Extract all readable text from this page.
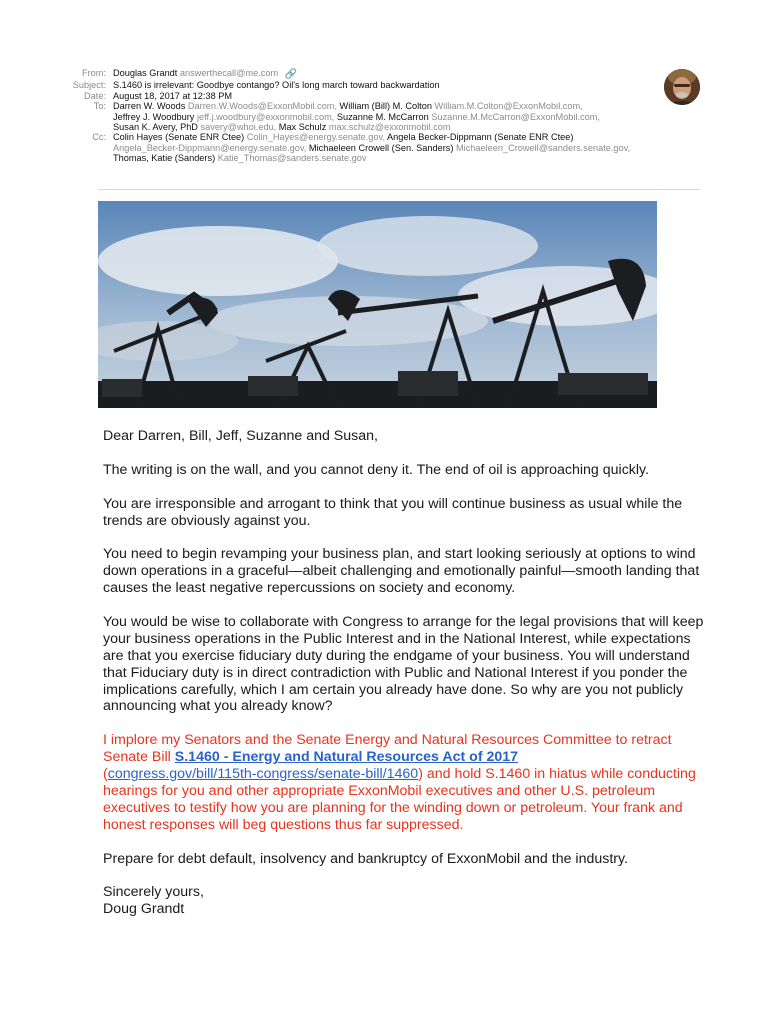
From: Douglas Grandt answerthecall@me.com 🔗
Subject: S.1460 is irrelevant: Goodbye contango? Oil's long march toward backwardation
Date: August 18, 2017 at 12:38 PM
To: Darren W. Woods Darren.W.Woods@ExxonMobil.com, William (Bill) M. Colton William.M.Colton@ExxonMobil.com,
Jeffrey J. Woodbury jeff.j.woodbury@exxonmobil.com, Suzanne M. McCarron Suzanne.M.McCarron@ExxonMobil.com,
Susan K. Avery, PhD savery@whoi.edu, Max Schulz max.schulz@exxonmobil.com
Cc: Colin Hayes (Senate ENR Ctee) Colin_Hayes@energy.senate.gov, Angela Becker-Dippmann (Senate ENR Ctee)
Angela_Becker-Dippmann@energy.senate.gov, Michaeleen Crowell (Sen. Sanders) Michaeleen_Crowell@sanders.senate.gov,
Thomas, Katie (Sanders) Katie_Thomas@sanders.senate.gov

Dear Darren, Bill, Jeff, Suzanne and Susan,

The writing is on the wall, and you cannot deny it. The end of oil is approaching quickly.

You are irresponsible and arrogant to think that you will continue business as usual while the trends are obviously against you.

You need to begin revamping your business plan, and start looking seriously at options to wind down operations in a graceful—albeit challenging and emotionally painful—smooth landing that causes the least negative repercussions on society and economy.

You would be wise to collaborate with Congress to arrange for the legal provisions that will keep your business operations in the Public Interest and in the National Interest, while expectations are that you exercise fiduciary duty during the endgame of your business. You will understand that Fiduciary duty is in direct contradiction with Public and National Interest if you ponder the implications carefully, which I am certain you already have done. So why are you not publicly announcing what you already know?

I implore my Senators and the Senate Energy and Natural Resources Committee to retract Senate Bill S.1460 - Energy and Natural Resources Act of 2017
(congress.gov/bill/115th-congress/senate-bill/1460) and hold S.1460 in hiatus while conducting hearings for you and other appropriate ExxonMobil executives and other U.S. petroleum executives to testify how you are planning for the winding down or petroleum. Your frank and honest responses will beg questions thus far suppressed.

Prepare for debt default, insolvency and bankruptcy of ExxonMobil and the industry.

Sincerely yours,

Doug Grandt
